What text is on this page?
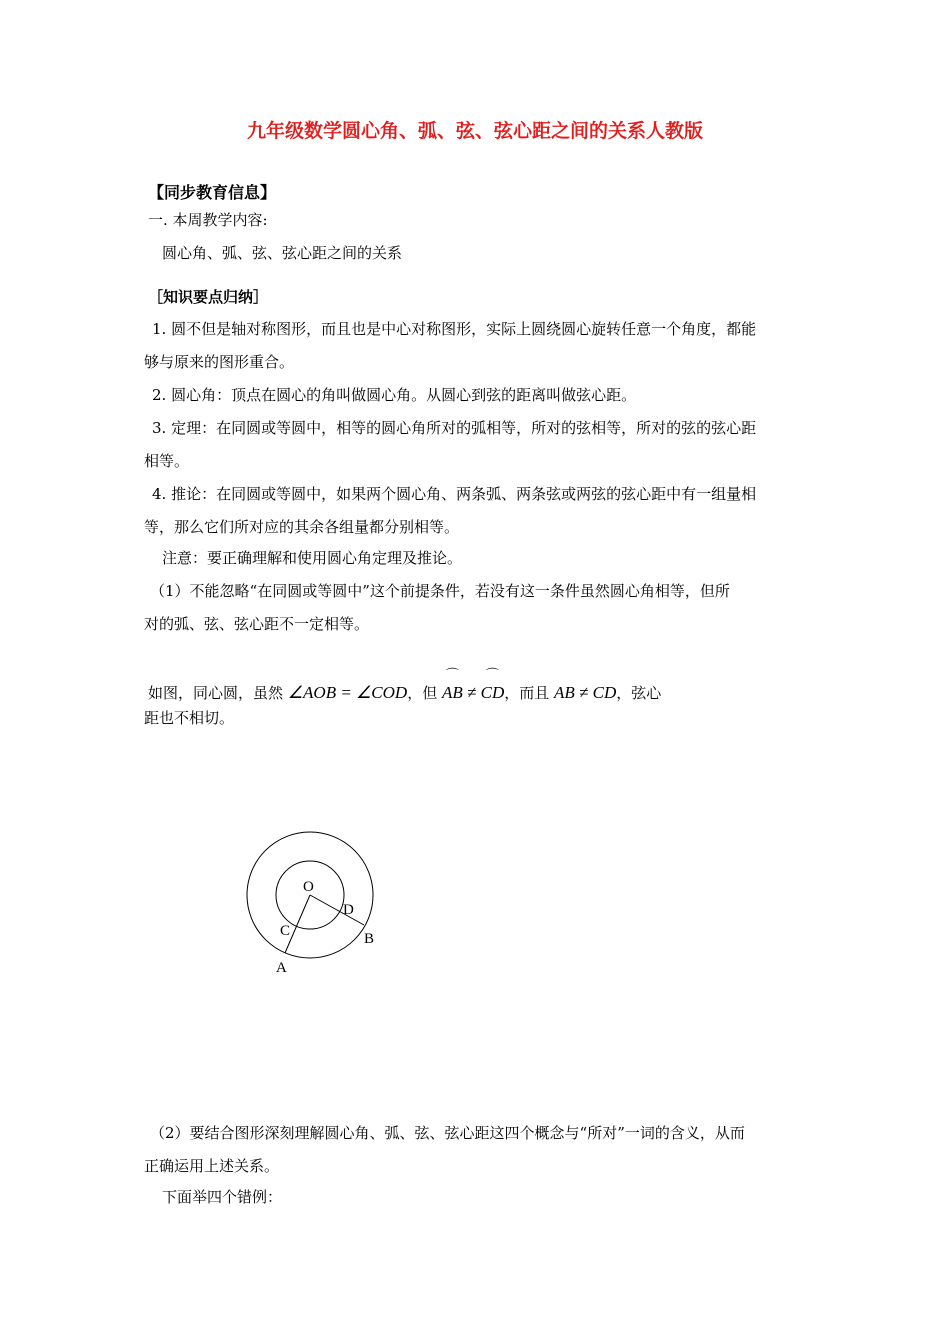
九年级数学圆心角、弧、弦、弦心距之间的关系人教版
【同步教育信息】
一. 本周教学内容:
圆心角、弧、弦、弦心距之间的关系
［知识要点归纳］
1. 圆不但是轴对称图形，而且也是中心对称图形，实际上圆绕圆心旋转任意一个角度，都能
够与原来的图形重合。
2. 圆心角：顶点在圆心的角叫做圆心角。从圆心到弦的距离叫做弦心距。
3. 定理：在同圆或等圆中，相等的圆心角所对的弧相等，所对的弦相等，所对的弦的弦心距
相等。
4. 推论：在同圆或等圆中，如果两个圆心角、两条弧、两条弦或两弦的弦心距中有一组量相
等，那么它们所对应的其余各组量都分别相等。
注意：要正确理解和使用圆心角定理及推论。
（1）不能忽略“在同圆或等圆中”这个前提条件，若没有这一条件虽然圆心角相等，但所
对的弧、弦、弦心距不一定相等。
如图，同心圆，虽然 ∠AOB = ∠COD，但
⌒
AB ≠
⌒
CD，而且 AB ≠ CD，弦心
距也不相切。
O
A
B
C
D
（2）要结合图形深刻理解圆心角、弧、弦、弦心距这四个概念与“所对”一词的含义，从而
正确运用上述关系。
下面举四个错例：
